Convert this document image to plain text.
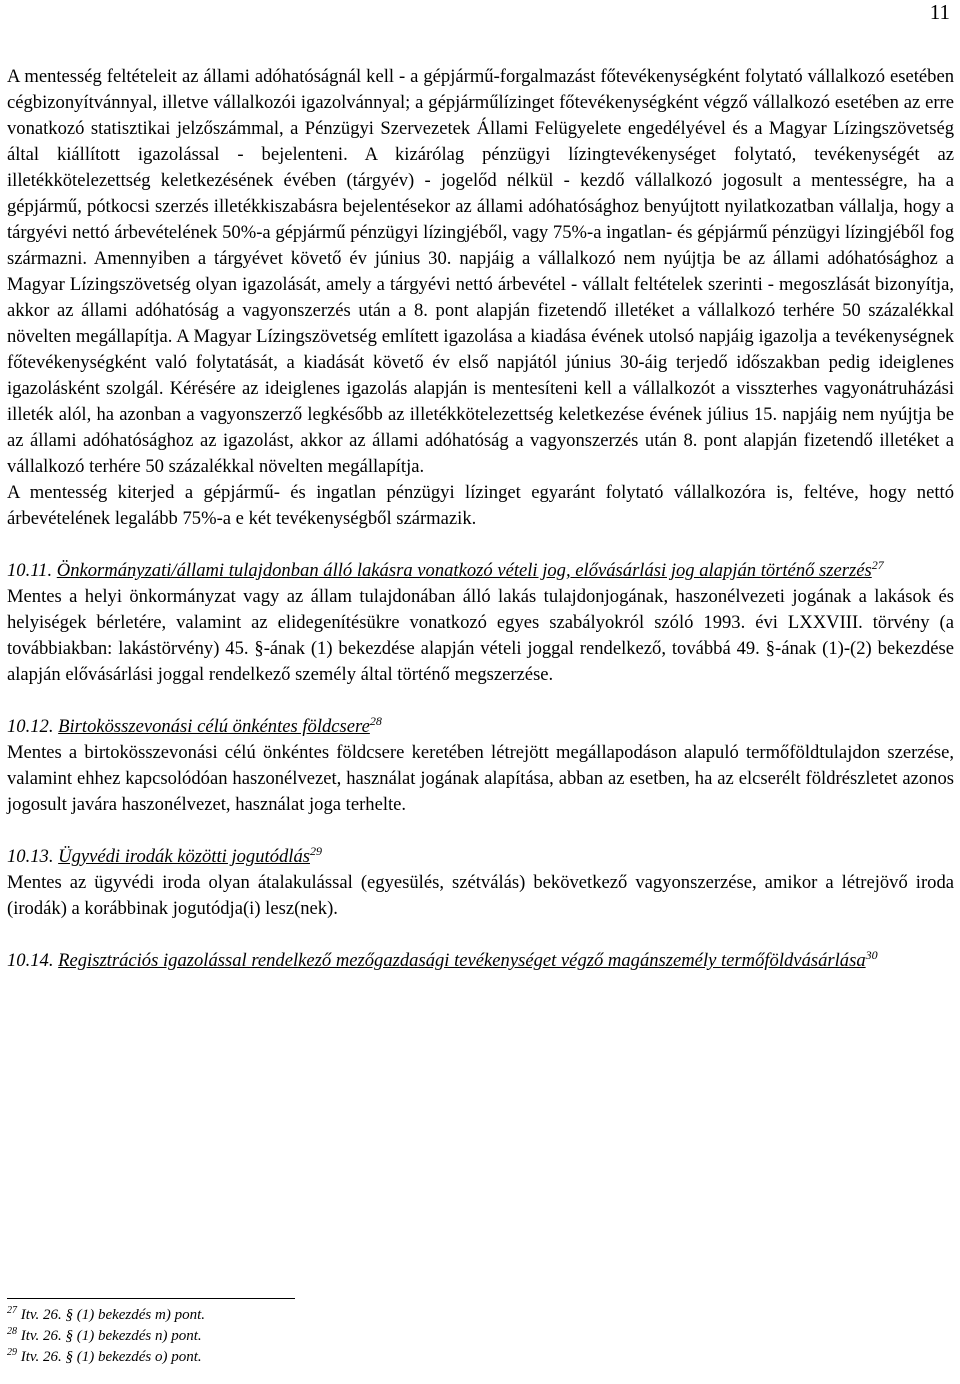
11

A mentesség feltételeit az állami adóhatóságnál kell - a gépjármű-forgalmazást főtevékenységként folytató vállalkozó esetében cégbizonyítvánnyal, illetve vállalkozói igazolvánnyal; a gépjárműlízinget főtevékenységként végző vállalkozó esetében az erre vonatkozó statisztikai jelzőszámmal, a Pénzügyi Szervezetek Állami Felügyelete engedélyével és a Magyar Lízingszövetség által kiállított igazolással - bejelenteni. A kizárólag pénzügyi lízingtevékenységet folytató, tevékenységét az illetékkötelezettség keletkezésének évében (tárgyév) - jogelőd nélkül - kezdő vállalkozó jogosult a mentességre, ha a gépjármű, pótkocsi szerzés illetékkiszabásra bejelentésekor az állami adóhatósághoz benyújtott nyilatkozatban vállalja, hogy a tárgyévi nettó árbevételének 50%-a gépjármű pénzügyi lízingjéből, vagy 75%-a ingatlan- és gépjármű pénzügyi lízingjéből fog származni. Amennyiben a tárgyévet követő év június 30. napjáig a vállalkozó nem nyújtja be az állami adóhatósághoz a Magyar Lízingszövetség olyan igazolását, amely a tárgyévi nettó árbevétel - vállalt feltételek szerinti - megoszlását bizonyítja, akkor az állami adóhatóság a vagyonszerzés után a 8. pont alapján fizetendő illetéket a vállalkozó terhére 50 százalékkal növelten megállapítja. A Magyar Lízingszövetség említett igazolása a kiadása évének utolsó napjáig igazolja a tevékenységnek főtevékenységként való folytatását, a kiadását követő év első napjától június 30-áig terjedő időszakban pedig ideiglenes igazolásként szolgál. Kérésére az ideiglenes igazolás alapján is mentesíteni kell a vállalkozót a visszterhes vagyonátruházási illeték alól, ha azonban a vagyonszerző legkésőbb az illetékkötelezettség keletkezése évének július 15. napjáig nem nyújtja be az állami adóhatósághoz az igazolást, akkor az állami adóhatóság a vagyonszerzés után 8. pont alapján fizetendő illetéket a vállalkozó terhére 50 százalékkal növelten megállapítja.

A mentesség kiterjed a gépjármű- és ingatlan pénzügyi lízinget egyaránt folytató vállalkozóra is, feltéve, hogy nettó árbevételének legalább 75%-a e két tevékenységből származik.

10.11. Önkormányzati/állami tulajdonban álló lakásra vonatkozó vételi jog, elővásárlási jog alapján történő szerzés$^{27}$

Mentes a helyi önkormányzat vagy az állam tulajdonában álló lakás tulajdonjogának, haszonélvezeti jogának a lakások és helyiségek bérletére, valamint az elidegenítésükre vonatkozó egyes szabályokról szóló 1993. évi LXXVIII. törvény (a továbbiakban: lakástörvény) 45. §-ának (1) bekezdése alapján vételi joggal rendelkező, továbbá 49. §-ának (1)-(2) bekezdése alapján elővásárlási joggal rendelkező személy által történő megszerzése.

10.12. Birtokösszevonási célú önkéntes földcsere$^{28}$

Mentes a birtokösszevonási célú önkéntes földcsere keretében létrejött megállapodáson alapuló termőföldtulajdon szerzése, valamint ehhez kapcsolódóan haszonélvezet, használat jogának alapítása, abban az esetben, ha az elcserélt földrészletet azonos jogosult javára haszonélvezet, használat joga terhelte.

10.13. Ügyvédi irodák közötti jogutódlás$^{29}$

Mentes az ügyvédi iroda olyan átalakulással (egyesülés, szétválás) bekövetkező vagyonszerzése, amikor a létrejövő iroda (irodák) a korábbinak jogutódja(i) lesz(nek).

10.14. Regisztrációs igazolással rendelkező mezőgazdasági tevékenységet végző magánszemély termőföldvásárlása$^{30}$
$^{27}$ Itv. 26. § (1) bekezdés m) pont.
$^{28}$ Itv. 26. § (1) bekezdés n) pont.
$^{29}$ Itv. 26. § (1) bekezdés o) pont.
